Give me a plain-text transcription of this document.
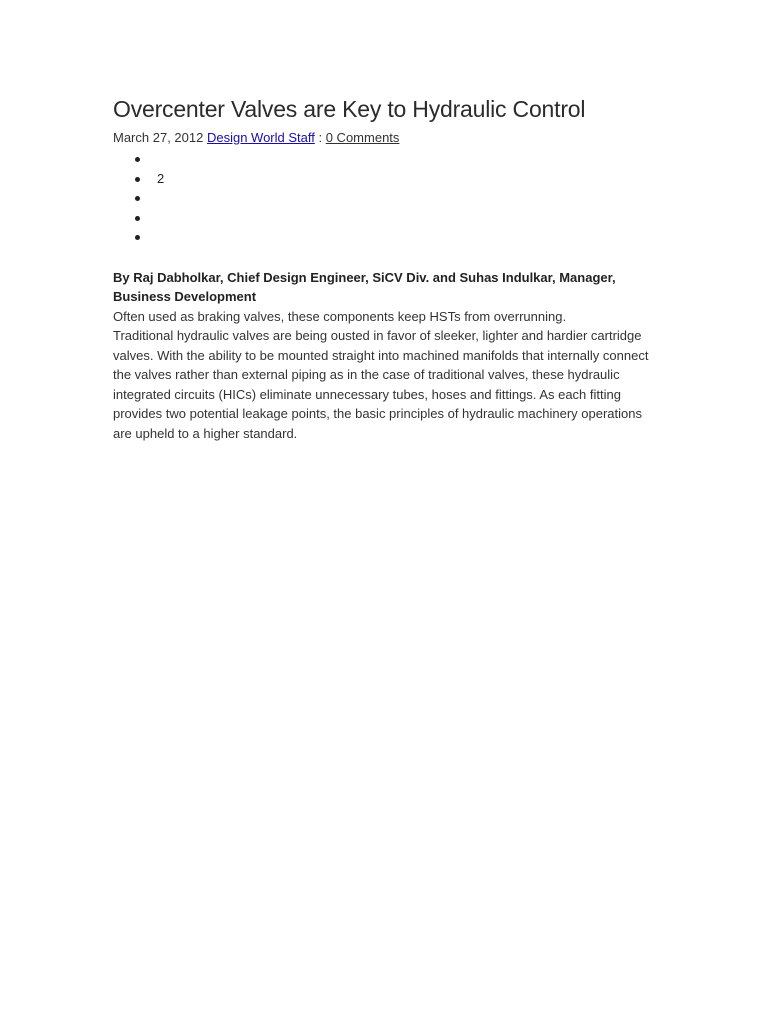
Overcenter Valves are Key to Hydraulic Control
March 27, 2012 Design World Staff : 0 Comments
2
By Raj Dabholkar, Chief Design Engineer, SiCV Div. and Suhas Indulkar, Manager, Business Development

Often used as braking valves, these components keep HSTs from overrunning.

Traditional hydraulic valves are being ousted in favor of sleeker, lighter and hardier cartridge valves. With the ability to be mounted straight into machined manifolds that internally connect the valves rather than external piping as in the case of traditional valves, these hydraulic integrated circuits (HICs) eliminate unnecessary tubes, hoses and fittings. As each fitting provides two potential leakage points, the basic principles of hydraulic machinery operations are upheld to a higher standard.
